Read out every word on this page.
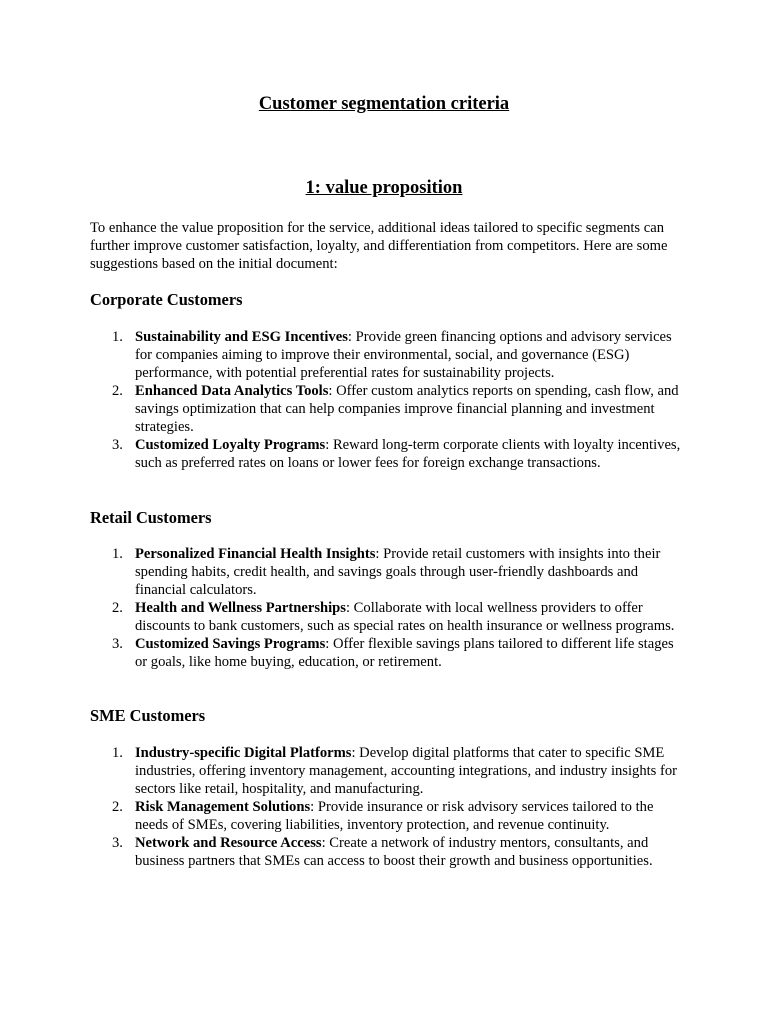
Customer segmentation criteria
1: value proposition

To enhance the value proposition for the service, additional ideas tailored to specific segments can further improve customer satisfaction, loyalty, and differentiation from competitors. Here are some suggestions based on the initial document:

Corporate Customers
1. Sustainability and ESG Incentives: Provide green financing options and advisory services for companies aiming to improve their environmental, social, and governance (ESG) performance, with potential preferential rates for sustainability projects.
2. Enhanced Data Analytics Tools: Offer custom analytics reports on spending, cash flow, and savings optimization that can help companies improve financial planning and investment strategies.
3. Customized Loyalty Programs: Reward long-term corporate clients with loyalty incentives, such as preferred rates on loans or lower fees for foreign exchange transactions.
Retail Customers
1. Personalized Financial Health Insights: Provide retail customers with insights into their spending habits, credit health, and savings goals through user-friendly dashboards and financial calculators.
2. Health and Wellness Partnerships: Collaborate with local wellness providers to offer discounts to bank customers, such as special rates on health insurance or wellness programs.
3. Customized Savings Programs: Offer flexible savings plans tailored to different life stages or goals, like home buying, education, or retirement.
SME Customers
1. Industry-specific Digital Platforms: Develop digital platforms that cater to specific SME industries, offering inventory management, accounting integrations, and industry insights for sectors like retail, hospitality, and manufacturing.
2. Risk Management Solutions: Provide insurance or risk advisory services tailored to the needs of SMEs, covering liabilities, inventory protection, and revenue continuity.
3. Network and Resource Access: Create a network of industry mentors, consultants, and business partners that SMEs can access to boost their growth and business opportunities.
